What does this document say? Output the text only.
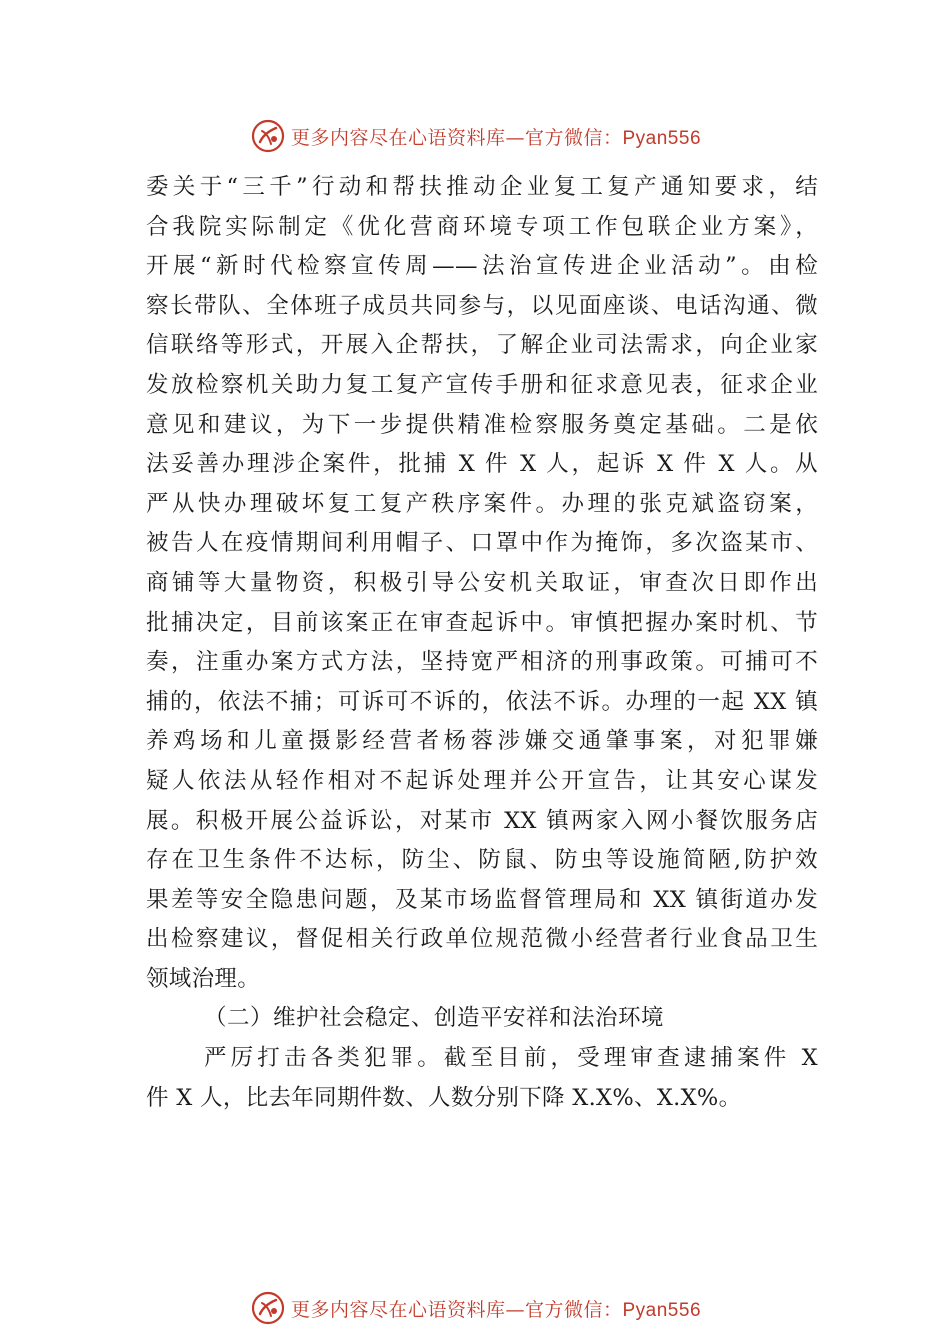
更多内容尽在心语资料库—官方微信：Pyan556
委关于“三千”行动和帮扶推动企业复工复产通知要求，结
合我院实际制定《优化营商环境专项工作包联企业方案》，
开展“新时代检察宣传周——法治宣传进企业活动”。由检
察长带队、全体班子成员共同参与，以见面座谈、电话沟通、微
信联络等形式，开展入企帮扶，了解企业司法需求，向企业家
发放检察机关助力复工复产宣传手册和征求意见表，征求企业
意见和建议，为下一步提供精准检察服务奠定基础。二是依
法妥善办理涉企案件，批捕 X 件 X 人，起诉 X 件 X 人。从
严从快办理破坏复工复产秩序案件。办理的张克斌盗窃案，
被告人在疫情期间利用帽子、口罩中作为掩饰，多次盗某市、
商铺等大量物资，积极引导公安机关取证，审查次日即作出
批捕决定，目前该案正在审查起诉中。审慎把握办案时机、节
奏，注重办案方式方法，坚持宽严相济的刑事政策。可捕可不
捕的，依法不捕；可诉可不诉的，依法不诉。办理的一起 XX 镇
养鸡场和儿童摄影经营者杨蓉涉嫌交通肇事案，对犯罪嫌
疑人依法从轻作相对不起诉处理并公开宣告，让其安心谋发
展。积极开展公益诉讼，对某市 XX 镇两家入网小餐饮服务店
存在卫生条件不达标，防尘、防鼠、防虫等设施简陋,防护效
果差等安全隐患问题，及某市场监督管理局和 XX 镇街道办发
出检察建议，督促相关行政单位规范微小经营者行业食品卫生
领域治理。
（二）维护社会稳定、创造平安祥和法治环境
严厉打击各类犯罪。截至目前，受理审查逮捕案件 X
件 X 人，比去年同期件数、人数分别下降 X.X%、X.X%。
更多内容尽在心语资料库—官方微信：Pyan556
